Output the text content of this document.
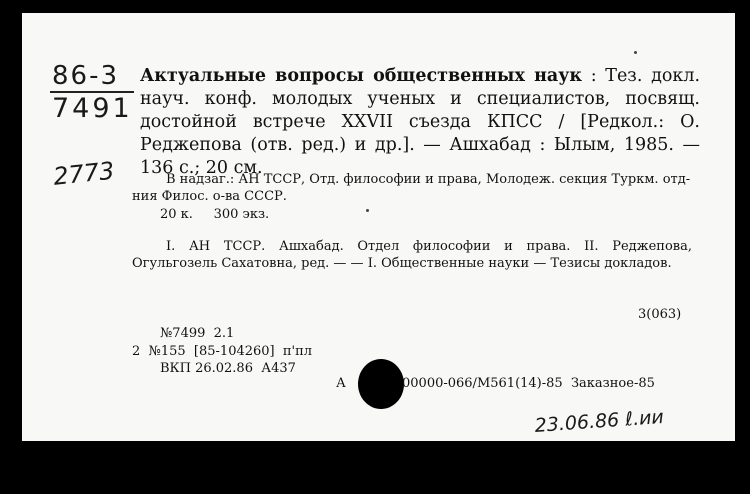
86-3
7491
2773
Актуальные вопросы общественных наук : Тез. докл. науч. конф. молодых ученых и специалистов, посвящ. достойной встрече XXVII съезда КПСС / [Редкол.: О. Реджепова (отв. ред.) и др.]. — Ашхабад : Ылым, 1985. — 136 с.; 20 см.
В надзаг.: АН ТССР, Отд. философии и права, Молодеж. секция Туркм. отд-ния Филос. о-ва СССР.
20 к.     300 экз.
I. АН ТССР. Ашхабад. Отдел философии и права. II. Реджепова, Огульгозель Сахатовна, ред. — — I. Общественные науки — Тезисы докладов.
3(063)
№7499  2.1
2  №155  [85-104260]  п'пл
ВКП 26.02.86  А437
А	00000-066/М561(14)-85  Заказное-85
23.06.86 ℓ.ии
